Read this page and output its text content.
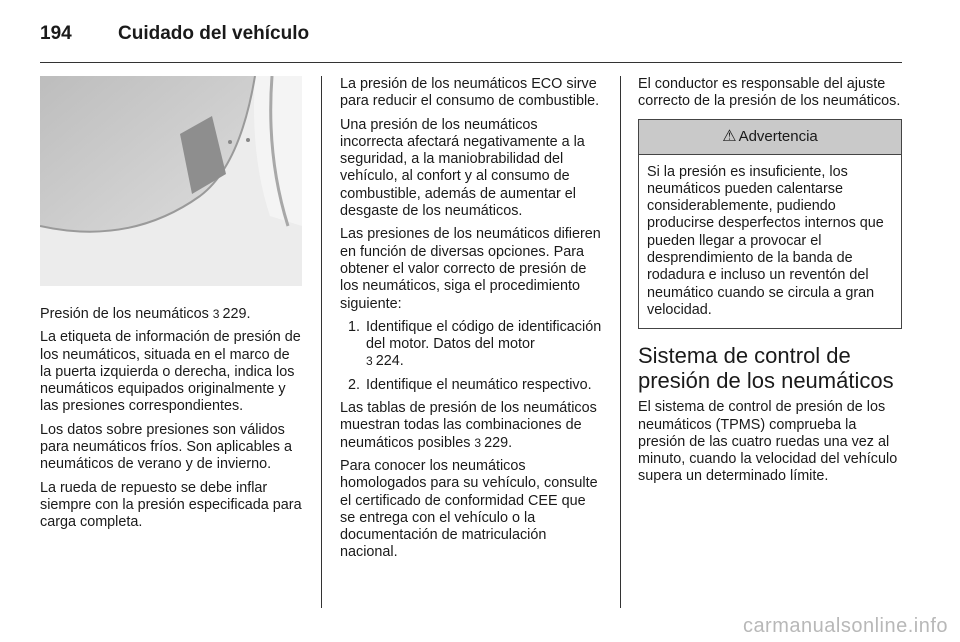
194	Cuidado del vehículo

Presión de los neumáticos 3 229.

La etiqueta de información de presión de los neumáticos, situada en el marco de la puerta izquierda o derecha, indica los neumáticos equipados originalmente y las presiones correspondientes.

Los datos sobre presiones son válidos para neumáticos fríos. Son aplicables a neumáticos de verano y de invierno.

La rueda de repuesto se debe inflar siempre con la presión especificada para carga completa.

La presión de los neumáticos ECO sirve para reducir el consumo de combustible.

Una presión de los neumáticos incorrecta afectará negativamente a la seguridad, a la maniobrabilidad del vehículo, al confort y al consumo de combustible, además de aumentar el desgaste de los neumáticos.

Las presiones de los neumáticos difieren en función de diversas opciones. Para obtener el valor correcto de presión de los neumáticos, siga el procedimiento siguiente:

1. Identifique el código de identificación del motor. Datos del motor
3 224.
2. Identifique el neumático respectivo.

Las tablas de presión de los neumáticos muestran todas las combinaciones de neumáticos posibles 3 229.

Para conocer los neumáticos homologados para su vehículo, consulte el certificado de conformidad CEE que se entrega con el vehículo o la documentación de matriculación nacional.

El conductor es responsable del ajuste correcto de la presión de los neumáticos.

⚠ Advertencia
Si la presión es insuficiente, los neumáticos pueden calentarse considerablemente, pudiendo producirse desperfectos internos que pueden llegar a provocar el desprendimiento de la banda de rodadura e incluso un reventón del neumático cuando se circula a gran velocidad.
Sistema de control de presión de los neumáticos

El sistema de control de presión de los neumáticos (TPMS) comprueba la presión de las cuatro ruedas una vez al minuto, cuando la velocidad del vehículo supera un determinado límite.

carmanualsonline.info
